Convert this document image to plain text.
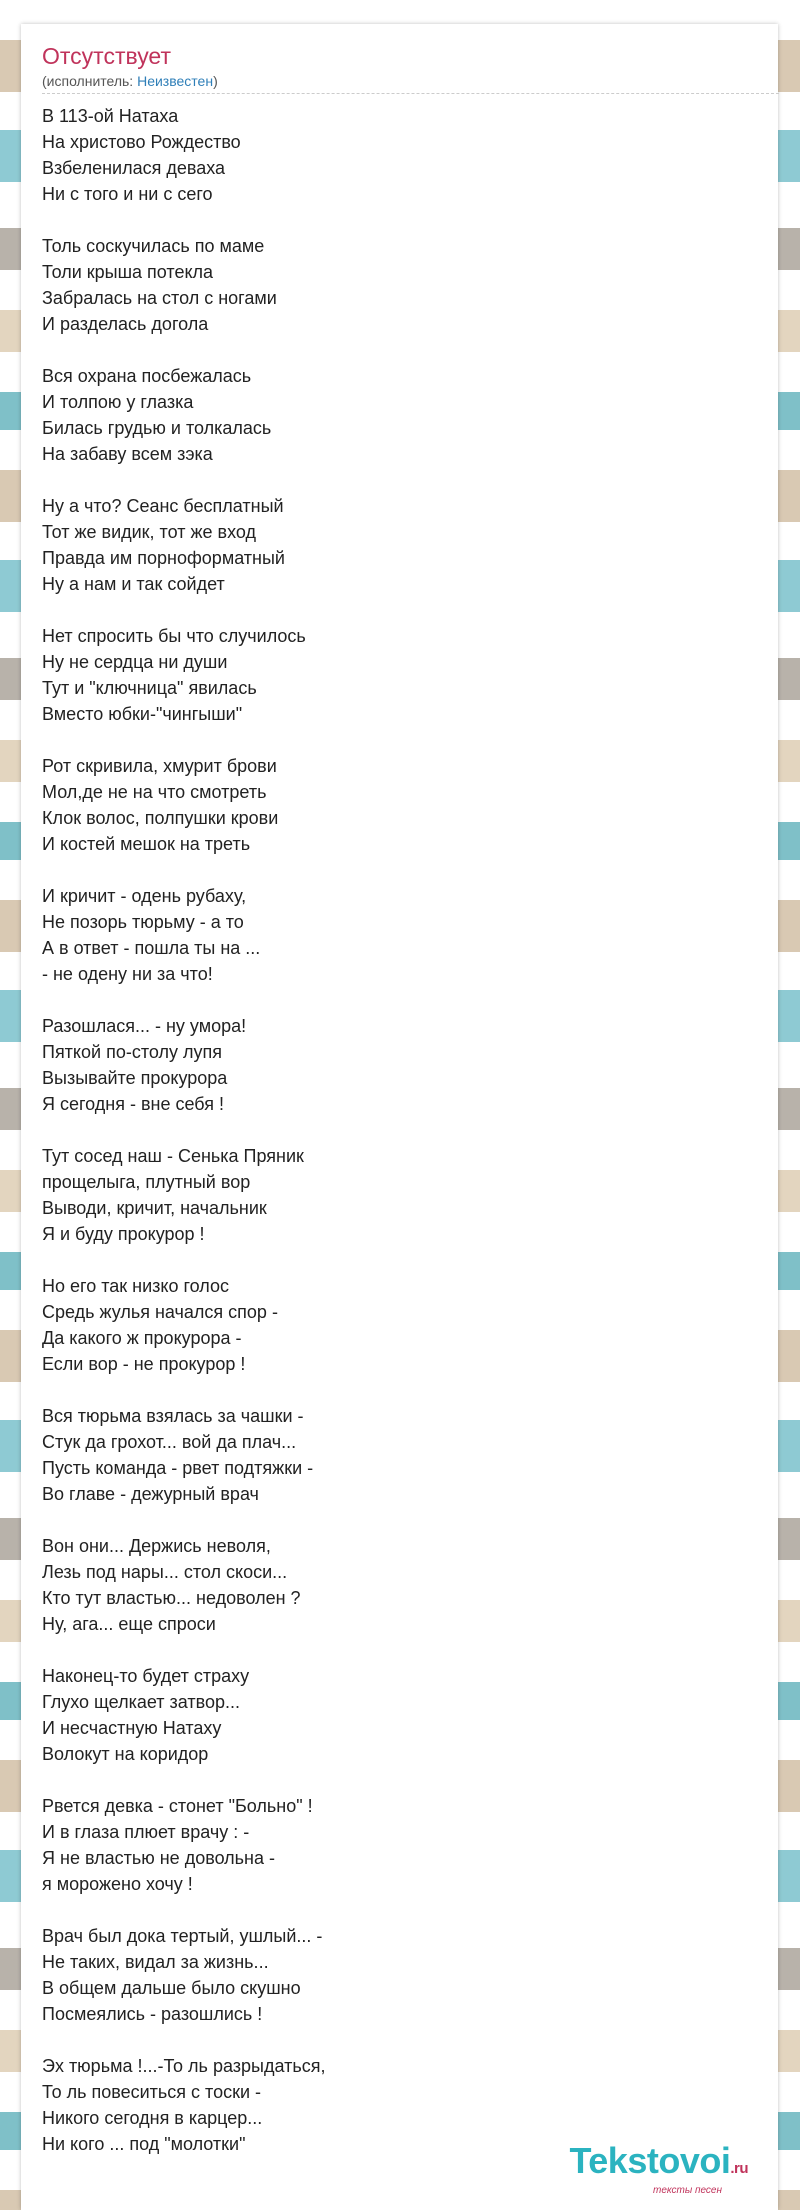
Отсутствует
(исполнитель: Неизвестен)
В 113-ой Натаха
На христово Рождество
Взбеленилася деваха
Ни с того и ни с сего
Толь соскучилась по маме
Толи крыша потекла
Забралась на стол с ногами
И разделась догола
Вся охрана посбежалась
И толпою у глазка
Билась грудью и толкалась
На забаву всем зэка
Ну а что? Сеанс бесплатный
Тот же видик, тот же вход
Правда им порноформатный
Ну а нам и так сойдет
Нет спросить бы что случилось
Ну не сердца ни души
Тут и "ключница" явилась
Вместо юбки-"чингыши"
Рот скривила, хмурит брови
Мол,де не на что смотреть
Клок волос, полпушки крови
И костей мешок на треть
И кричит - одень рубаху,
Не позорь тюрьму - а то
А в ответ - пошла ты на ...
- не одену ни за что!
Разошлася... - ну умора!
Пяткой по-столу лупя
Вызывайте прокурора
Я сегодня - вне себя !
Тут сосед наш - Сенька Пряник
прощелыга, плутный вор
Выводи, кричит, начальник
Я и буду прокурор !
Но его так низко голос
Средь жулья начался спор -
Да какого ж прокурора -
Если вор - не прокурор !
Вся тюрьма взялась за чашки -
Стук да грохот... вой да плач...
Пусть команда - рвет подтяжки -
Во главе - дежурный врач
Вон они... Держись неволя,
Лезь под нары... стол скоси...
Кто тут властью... недоволен ?
Ну, ага... еще спроси
Наконец-то будет страху
Глухо щелкает затвор...
И несчастную Натаху
Волокут на коридор
Рвется девка - стонет "Больно" !
И в глаза плюет врачу : -
Я не властью не довольна -
я морожено хочу !
Врач был дока тертый, ушлый... -
Не таких, видал за жизнь...
В общем дальше было скушно
Посмеялись - разошлись !
Эх тюрьма !...-То ль разрыдаться,
То ль повеситься с тоски -
Никого сегодня в карцер...
Ни кого ... под "молотки"	Tekstovoi.ru
тексты песен
